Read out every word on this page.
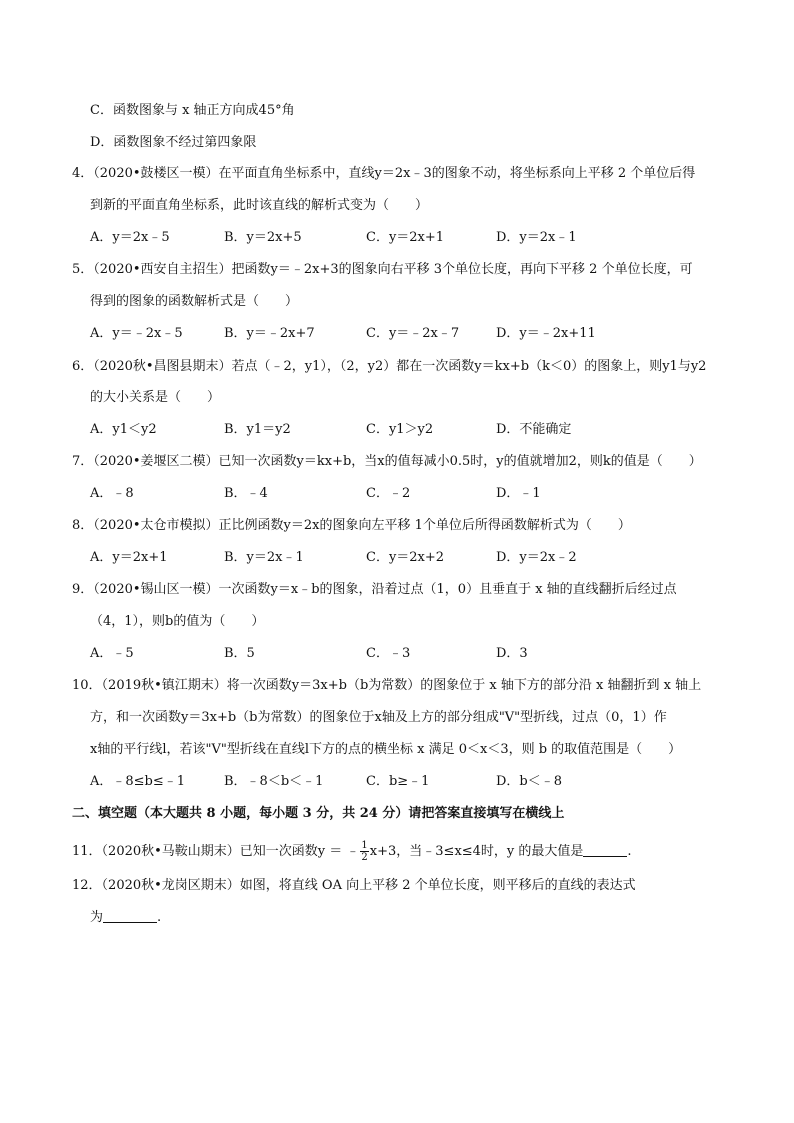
C．函数图象与 x 轴正方向成45°角
D．函数图象不经过第四象限
4．（2020•鼓楼区一模）在平面直角坐标系中，直线y＝2x﹣3的图象不动，将坐标系向上平移 2 个单位后得
到新的平面直角坐标系，此时该直线的解析式变为（　　）
A．y＝2x﹣5	B．y＝2x+5	C．y＝2x+1	D．y＝2x﹣1
5．（2020•西安自主招生）把函数y＝﹣2x+3的图象向右平移 3个单位长度，再向下平移 2 个单位长度，可
得到的图象的函数解析式是（　　）
A．y＝﹣2x﹣5	B．y＝﹣2x+7	C．y＝﹣2x﹣7	D．y＝﹣2x+11
6．（2020秋•昌图县期末）若点（﹣2，y1），（2，y2）都在一次函数y＝kx+b（k＜0）的图象上，则y1与y2
的大小关系是（　　）
A．y1＜y2	B．y1＝y2	C．y1＞y2	D．不能确定
7．（2020•姜堰区二模）已知一次函数y＝kx+b，当x的值每减小0.5时，y的值就增加2，则k的值是（　　）
A．﹣8	B．﹣4	C．﹣2	D．﹣1
8．（2020•太仓市模拟）正比例函数y＝2x的图象向左平移 1个单位后所得函数解析式为（　　）
A．y＝2x+1	B．y＝2x﹣1	C．y＝2x+2	D．y＝2x﹣2
9．（2020•锡山区一模）一次函数y＝x﹣b的图象，沿着过点（1，0）且垂直于 x 轴的直线翻折后经过点
（4，1），则b的值为（　　）
A．﹣5	B．5	C．﹣3	D．3
10．（2019秋•镇江期末）将一次函数y＝3x+b（b为常数）的图象位于 x 轴下方的部分沿 x 轴翻折到 x 轴上
方，和一次函数y＝3x+b（b为常数）的图象位于x轴及上方的部分组成"V"型折线，过点（0，1）作
x轴的平行线l，若该"V"型折线在直线l下方的点的横坐标 x 满足 0＜x＜3，则 b 的取值范围是（　　）
A．﹣8≤b≤﹣1	B．﹣8＜b＜﹣1	C．b≥﹣1	D．b＜﹣8
二、填空题（本大题共 8 小题，每小题 3 分，共 24 分）请把答案直接填写在横线上
11．（2020秋•马鞍山期末）已知一次函数y ＝ ﹣ $\frac{1}{2} x+3$，当﹣3≤x≤4时，y 的最大值是	.
12．（2020秋•龙岗区期末）如图，将直线 OA 向上平移 2 个单位长度，则平移后的直线的表达式
为	.
